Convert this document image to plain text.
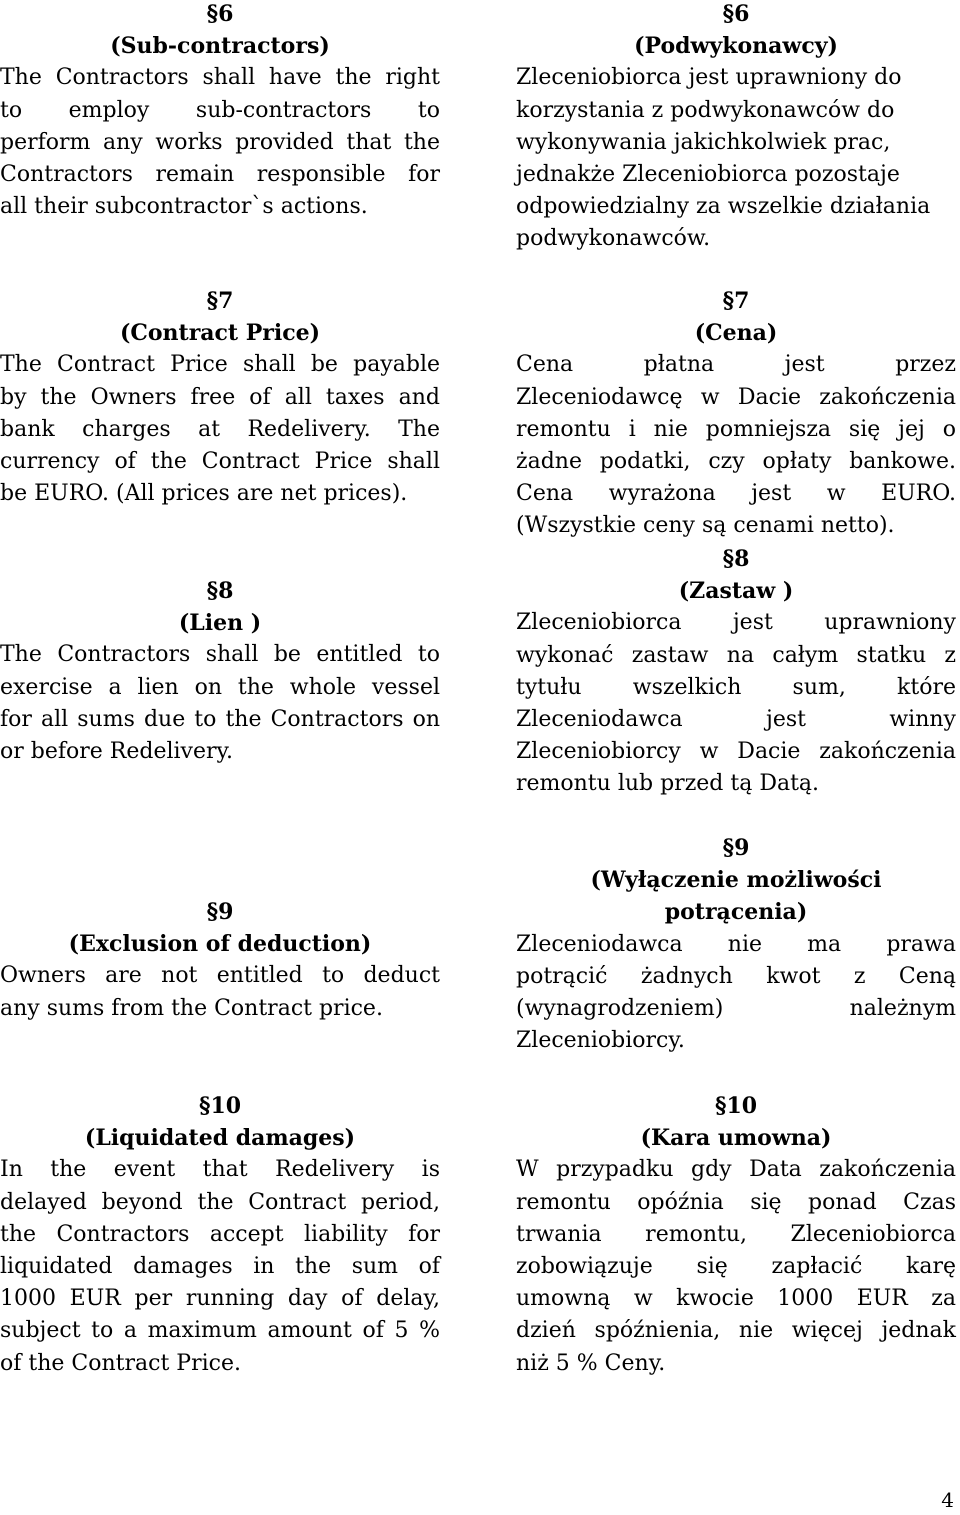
§6
(Sub-contractors)
The Contractors shall have the right
to employ sub-contractors to
perform any works provided that the
Contractors remain responsible for
all their subcontractor`s actions.
§7
(Contract Price)
The Contract Price shall be payable
by the Owners free of all taxes and
bank charges at Redelivery. The
currency of the Contract Price shall
be EURO. (All prices are net prices).
§8
(Lien )
The Contractors shall be entitled to
exercise a lien on the whole vessel
for all sums due to the Contractors on
or before Redelivery.
§9
(Exclusion of deduction)
Owners are not entitled to deduct
any sums from the Contract price.
§10
(Liquidated damages)
In the event that Redelivery is
delayed beyond the Contract period,
the Contractors accept liability for
liquidated damages in the sum of
1000 EUR per running day of delay,
subject to a maximum amount of 5 %
of the Contract Price.
§6
(Podwykonawcy)
Zleceniobiorca jest uprawniony do
korzystania z podwykonawców do
wykonywania jakichkolwiek prac,
jednakże Zleceniobiorca pozostaje
odpowiedzialny za wszelkie działania
podwykonawców.
§7
(Cena)
Cena płatna jest przez
Zleceniodawcę w Dacie zakończenia
remontu i nie pomniejsza się jej o
żadne podatki, czy opłaty bankowe.
Cena wyrażona jest w EURO.
(Wszystkie ceny są cenami netto).
§8
(Zastaw )
Zleceniobiorca jest uprawniony
wykonać zastaw na całym statku z
tytułu wszelkich sum, które
Zleceniodawca jest winny
Zleceniobiorcy w Dacie zakończenia
remontu lub przed tą Datą.
§9
(Wyłączenie możliwości potrącenia)
Zleceniodawca nie ma prawa
potrącić żadnych kwot z Ceną
(wynagrodzeniem) należnym
Zleceniobiorcy.
§10
(Kara umowna)
W przypadku gdy Data zakończenia
remontu opóźnia się ponad Czas
trwania remontu, Zleceniobiorca
zobowiązuje się zapłacić karę
umowną w kwocie 1000 EUR za
dzień spóźnienia, nie więcej jednak
niż 5 % Ceny.
4
